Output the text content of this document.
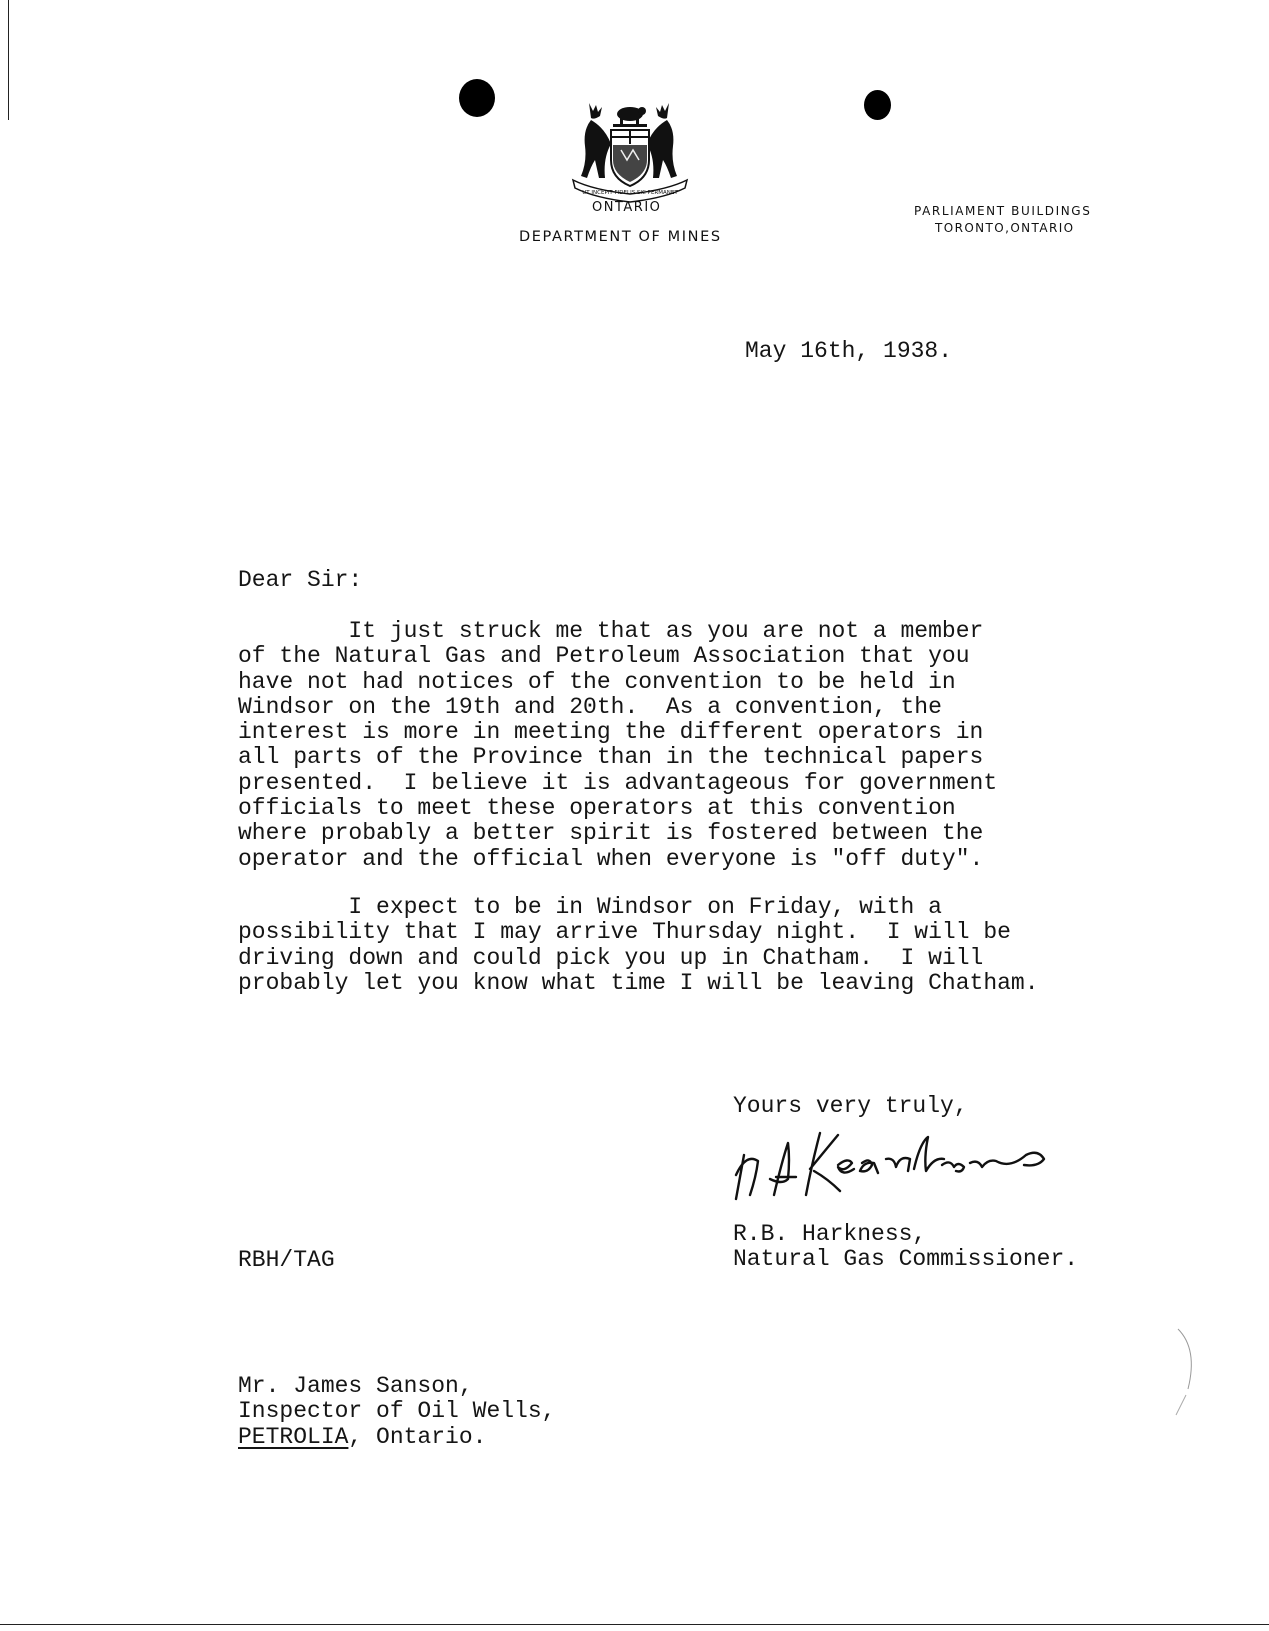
UT INCEPIT FIDELIS SIC PERMANET
ONTARIO
DEPARTMENT OF MINES
PARLIAMENT BUILDINGS
TORONTO,ONTARIO
May 16th, 1938.
Dear Sir:
It just struck me that as you are not a member
of the Natural Gas and Petroleum Association that you
have not had notices of the convention to be held in
Windsor on the 19th and 20th.  As a convention, the
interest is more in meeting the different operators in
all parts of the Province than in the technical papers
presented.  I believe it is advantageous for government
officials to meet these operators at this convention
where probably a better spirit is fostered between the
operator and the official when everyone is "off duty".
I expect to be in Windsor on Friday, with a
possibility that I may arrive Thursday night.  I will be
driving down and could pick you up in Chatham.  I will
probably let you know what time I will be leaving Chatham.
Yours very truly,
R.B. Harkness,
Natural Gas Commissioner.
RBH/TAG
Mr. James Sanson,
Inspector of Oil Wells,
PETROLIA, Ontario.
